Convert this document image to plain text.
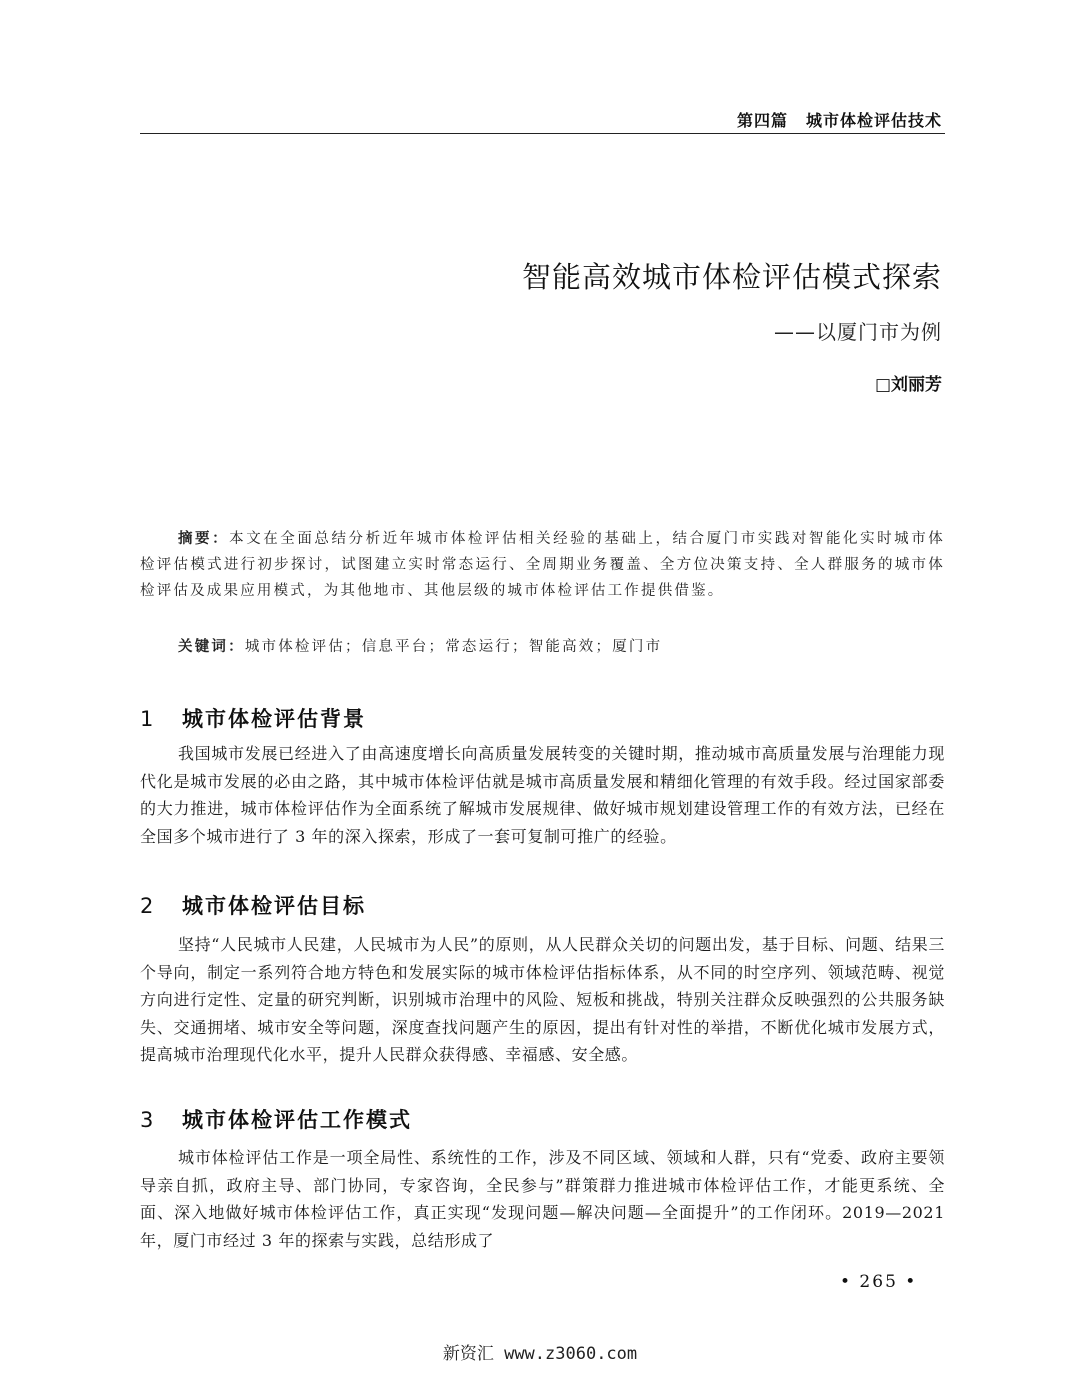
第四篇 城市体检评估技术
智能高效城市体检评估模式探索
——以厦门市为例
□刘丽芳

摘要：本文在全面总结分析近年城市体检评估相关经验的基础上，结合厦门市实践对智能化实时城市体检评估模式进行初步探讨，试图建立实时常态运行、全周期业务覆盖、全方位决策支持、全人群服务的城市体检评估及成果应用模式，为其他地市、其他层级的城市体检评估工作提供借鉴。

关键词：城市体检评估；信息平台；常态运行；智能高效；厦门市

1 城市体检评估背景

我国城市发展已经进入了由高速度增长向高质量发展转变的关键时期，推动城市高质量发展与治理能力现代化是城市发展的必由之路，其中城市体检评估就是城市高质量发展和精细化管理的有效手段。经过国家部委的大力推进，城市体检评估作为全面系统了解城市发展规律、做好城市规划建设管理工作的有效方法，已经在全国多个城市进行了 3 年的深入探索，形成了一套可复制可推广的经验。

2 城市体检评估目标

坚持“人民城市人民建，人民城市为人民”的原则，从人民群众关切的问题出发，基于目标、问题、结果三个导向，制定一系列符合地方特色和发展实际的城市体检评估指标体系，从不同的时空序列、领域范畴、视觉方向进行定性、定量的研究判断，识别城市治理中的风险、短板和挑战，特别关注群众反映强烈的公共服务缺失、交通拥堵、城市安全等问题，深度查找问题产生的原因，提出有针对性的举措，不断优化城市发展方式，提高城市治理现代化水平，提升人民群众获得感、幸福感、安全感。

3 城市体检评估工作模式

城市体检评估工作是一项全局性、系统性的工作，涉及不同区域、领域和人群，只有“党委、政府主要领导亲自抓，政府主导、部门协同，专家咨询，全民参与”群策群力推进城市体检评估工作，才能更系统、全面、深入地做好城市体检评估工作，真正实现“发现问题—解决问题—全面提升”的工作闭环。2019—2021 年，厦门市经过 3 年的探索与实践，总结形成了

• 265 •
新资汇 www.z3060.com
